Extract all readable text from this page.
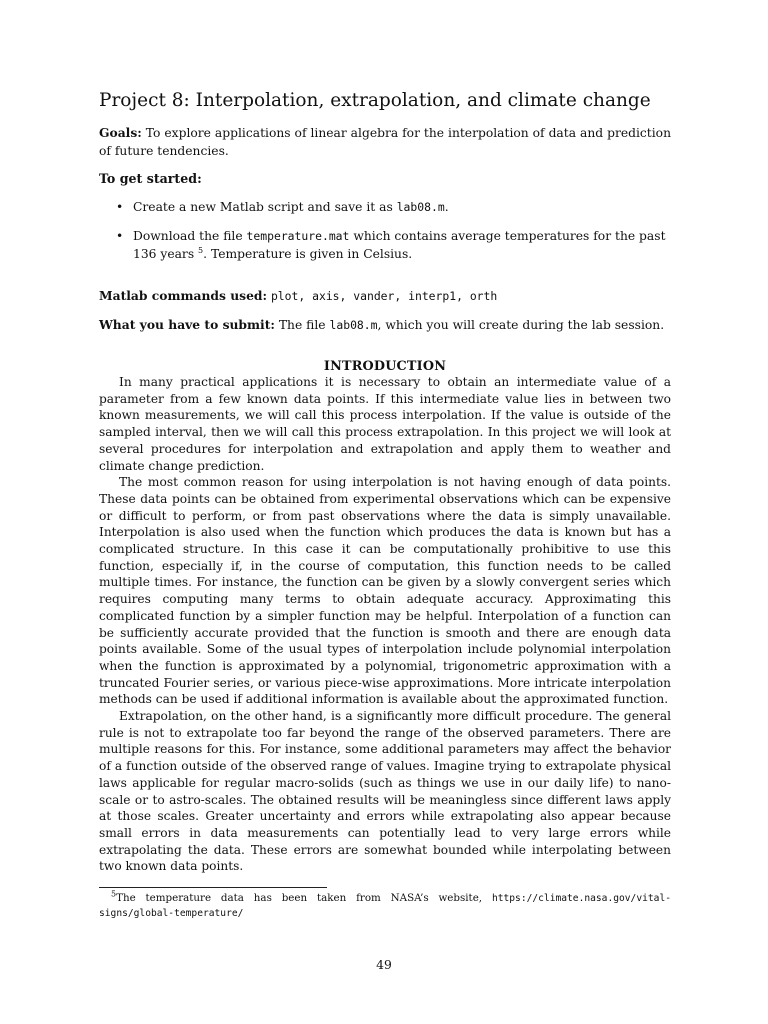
Project 8: Interpolation, extrapolation, and climate change

Goals: To explore applications of linear algebra for the interpolation of data and prediction of future tendencies.

To get started:

• Create a new Matlab script and save it as lab08.m.
• Download the file temperature.mat which contains average temperatures for the past 136 years $^5$. Temperature is given in Celsius.

Matlab commands used: plot, axis, vander, interp1, orth

What you have to submit: The file lab08.m, which you will create during the lab session.

INTRODUCTION

In many practical applications it is necessary to obtain an intermediate value of a parameter from a few known data points. If this intermediate value lies in between two known measurements, we will call this process interpolation. If the value is outside of the sampled interval, then we will call this process extrapolation. In this project we will look at several procedures for interpolation and extrapolation and apply them to weather and climate change prediction.

The most common reason for using interpolation is not having enough of data points. These data points can be obtained from experimental observations which can be expensive or difficult to perform, or from past observations where the data is simply unavailable. Interpolation is also used when the function which produces the data is known but has a complicated structure. In this case it can be computationally prohibitive to use this function, especially if, in the course of computation, this function needs to be called multiple times. For instance, the function can be given by a slowly convergent series which requires computing many terms to obtain adequate accuracy. Approximating this complicated function by a simpler function may be helpful. Interpolation of a function can be sufficiently accurate provided that the function is smooth and there are enough data points available. Some of the usual types of interpolation include polynomial interpolation when the function is approximated by a polynomial, trigonometric approximation with a truncated Fourier series, or various piece-wise approximations. More intricate interpolation methods can be used if additional information is available about the approximated function.

Extrapolation, on the other hand, is a significantly more difficult procedure. The general rule is not to extrapolate too far beyond the range of the observed parameters. There are multiple reasons for this. For instance, some additional parameters may affect the behavior of a function outside of the observed range of values. Imagine trying to extrapolate physical laws applicable for regular macro-solids (such as things we use in our daily life) to nano-scale or to astro-scales. The obtained results will be meaningless since different laws apply at those scales. Greater uncertainty and errors while extrapolating also appear because small errors in data measurements can potentially lead to very large errors while extrapolating the data. These errors are somewhat bounded while interpolating between two known data points.

$^5$The temperature data has been taken from NASA’s website, https://climate.nasa.gov/vital-signs/global-temperature/
49
